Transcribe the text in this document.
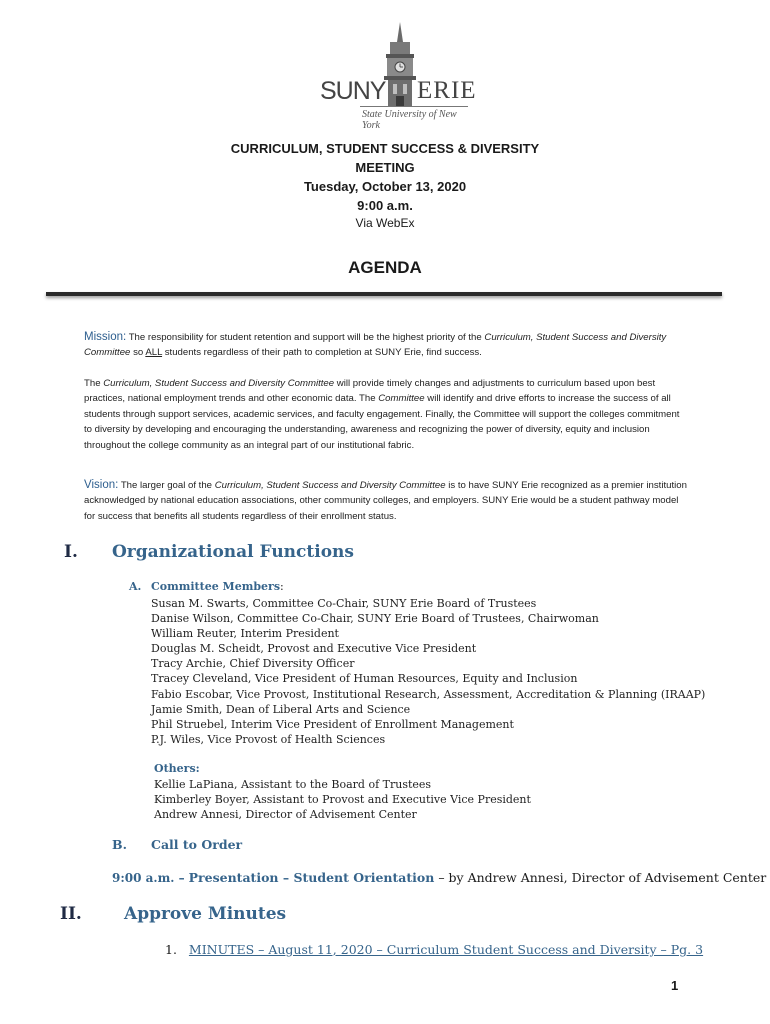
SUNY ERIE
State University of New York
CURRICULUM, STUDENT SUCCESS & DIVERSITY
MEETING
Tuesday, October 13, 2020
9:00 a.m.
Via WebEx
AGENDA
Mission: The responsibility for student retention and support will be the highest priority of the Curriculum, Student Success and Diversity Committee so ALL students regardless of their path to completion at SUNY Erie, find success.
The Curriculum, Student Success and Diversity Committee will provide timely changes and adjustments to curriculum based upon best practices, national employment trends and other economic data. The Committee will identify and drive efforts to increase the success of all students through support services, academic services, and faculty engagement. Finally, the Committee will support the colleges commitment to diversity by developing and encouraging the understanding, awareness and recognizing the power of diversity, equity and inclusion throughout the college community as an integral part of our institutional fabric.
Vision: The larger goal of the Curriculum, Student Success and Diversity Committee is to have SUNY Erie recognized as a premier institution acknowledged by national education associations, other community colleges, and employers. SUNY Erie would be a student pathway model for success that benefits all students regardless of their enrollment status.
I. Organizational Functions
A. Committee Members:
Susan M. Swarts, Committee Co-Chair, SUNY Erie Board of Trustees
Danise Wilson, Committee Co-Chair, SUNY Erie Board of Trustees, Chairwoman
William Reuter, Interim President
Douglas M. Scheidt, Provost and Executive Vice President
Tracy Archie, Chief Diversity Officer
Tracey Cleveland, Vice President of Human Resources, Equity and Inclusion
Fabio Escobar, Vice Provost, Institutional Research, Assessment, Accreditation & Planning (IRAAP)
Jamie Smith, Dean of Liberal Arts and Science
Phil Struebel, Interim Vice President of Enrollment Management
P.J. Wiles, Vice Provost of Health Sciences
Others:
Kellie LaPiana, Assistant to the Board of Trustees
Kimberley Boyer, Assistant to Provost and Executive Vice President
Andrew Annesi, Director of Advisement Center
B. Call to Order
9:00 a.m. – Presentation – Student Orientation – by Andrew Annesi, Director of Advisement Center
II. Approve Minutes
1. MINUTES – August 11, 2020 – Curriculum Student Success and Diversity – Pg. 3
1
